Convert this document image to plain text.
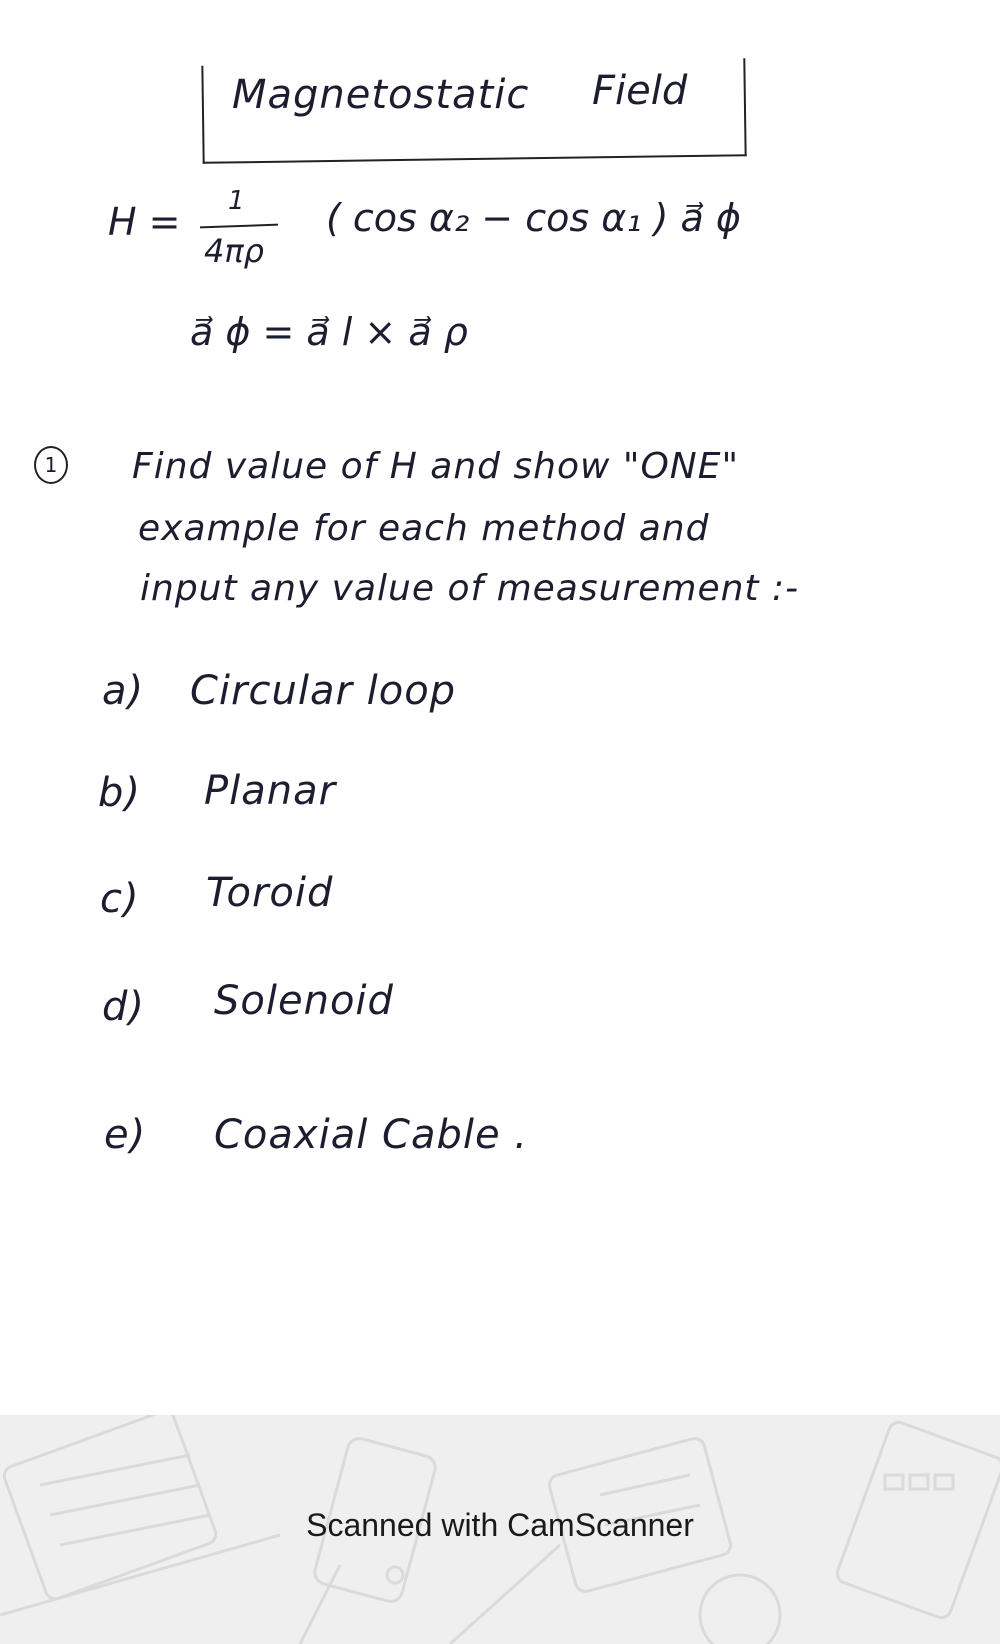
Magnetostatic Field
H = 1
4πρ
( cos α₂ − cos α₁ ) a⃗ ϕ
a⃗ ϕ = a⃗ l × a⃗ ρ
1 Find value of H and show "ONE"
example for each method and
input any value of measurement :-
a) Circular loop
b) Planar
c) Toroid
d) Solenoid
e) Coaxial Cable .
Scanned with CamScanner
